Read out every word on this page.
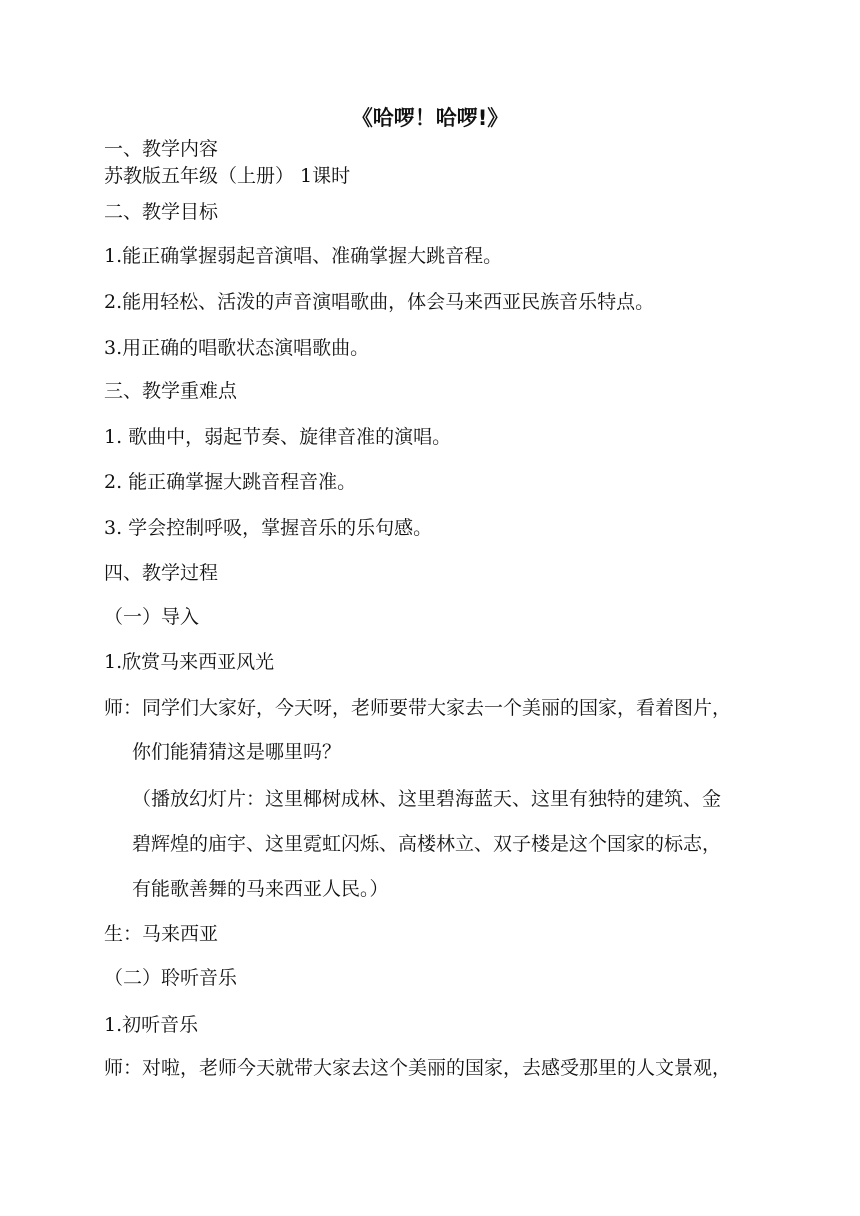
《哈啰！哈啰!》
一、教学内容
苏教版五年级（上册） 1课时
二、教学目标
1.能正确掌握弱起音演唱、准确掌握大跳音程。
2.能用轻松、活泼的声音演唱歌曲，体会马来西亚民族音乐特点。
3.用正确的唱歌状态演唱歌曲。
三、教学重难点
1. 歌曲中，弱起节奏、旋律音准的演唱。
2. 能正确掌握大跳音程音准。
3. 学会控制呼吸，掌握音乐的乐句感。
四、教学过程
（一）导入
1.欣赏马来西亚风光
师：同学们大家好，今天呀，老师要带大家去一个美丽的国家，看着图片，
你们能猜猜这是哪里吗？
（播放幻灯片：这里椰树成林、这里碧海蓝天、这里有独特的建筑、金
碧辉煌的庙宇、这里霓虹闪烁、高楼林立、双子楼是这个国家的标志，
有能歌善舞的马来西亚人民。）
生：马来西亚
（二）聆听音乐
1.初听音乐
师：对啦，老师今天就带大家去这个美丽的国家，去感受那里的人文景观，
